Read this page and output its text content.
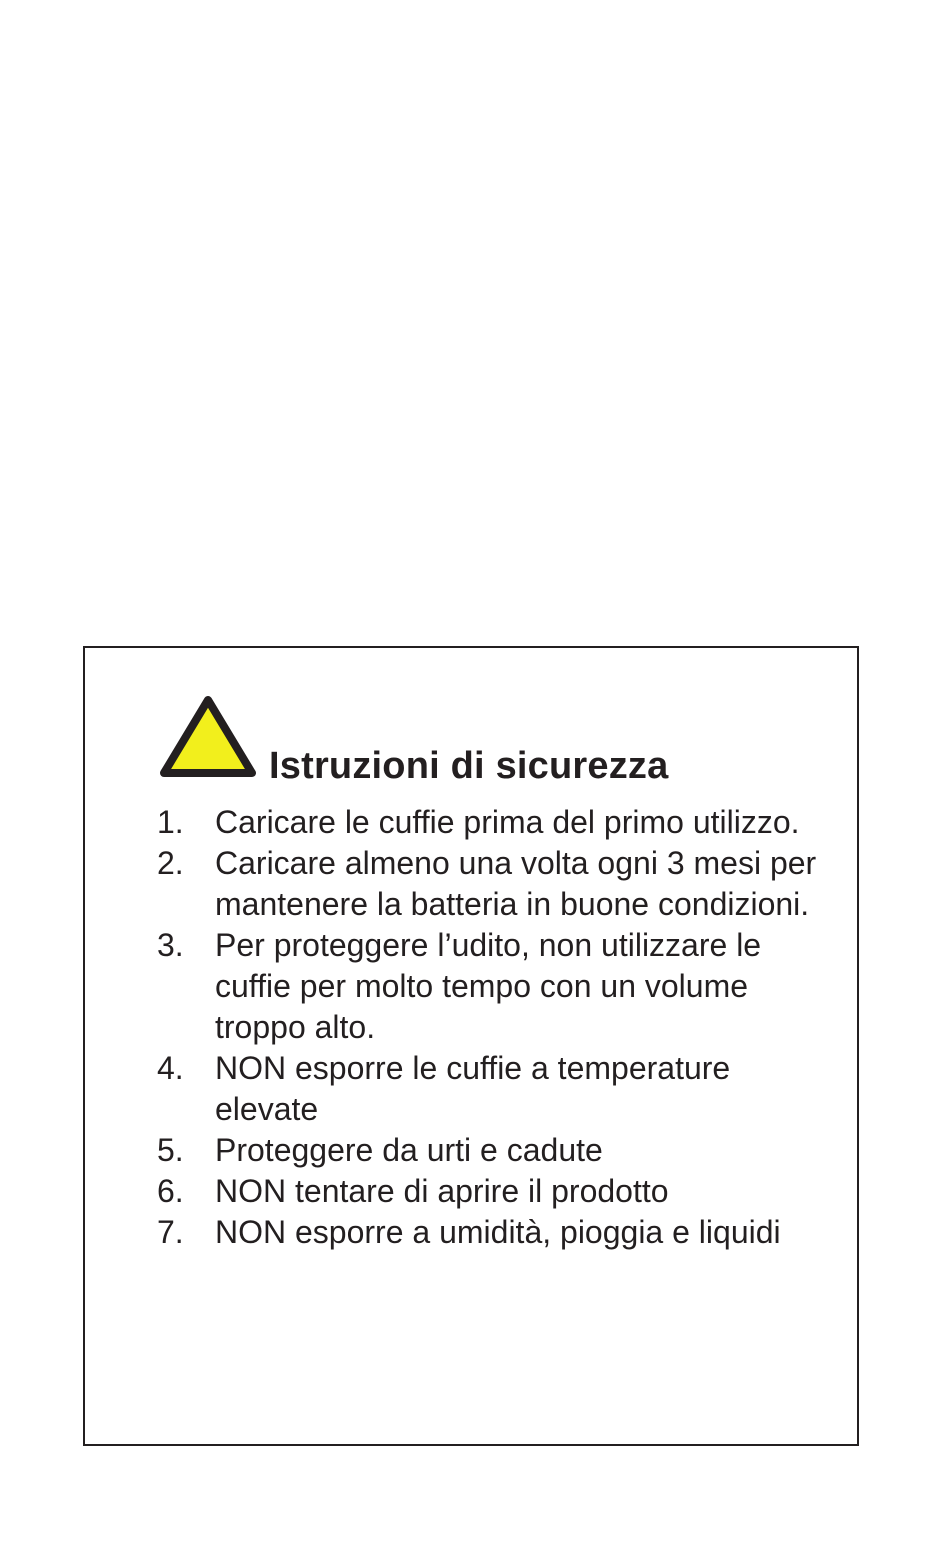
Istruzioni di sicurezza
1. Caricare le cuffie prima del primo utilizzo.
2. Caricare almeno una volta ogni 3 mesi per mantenere la batteria in buone condizioni.
3. Per proteggere l’udito, non utilizzare le cuffie per molto tempo con un volume troppo alto.
4. NON esporre le cuffie a temperature elevate
5. Proteggere da urti e cadute
6. NON tentare di aprire il prodotto
7. NON esporre a umidità, pioggia e liquidi
